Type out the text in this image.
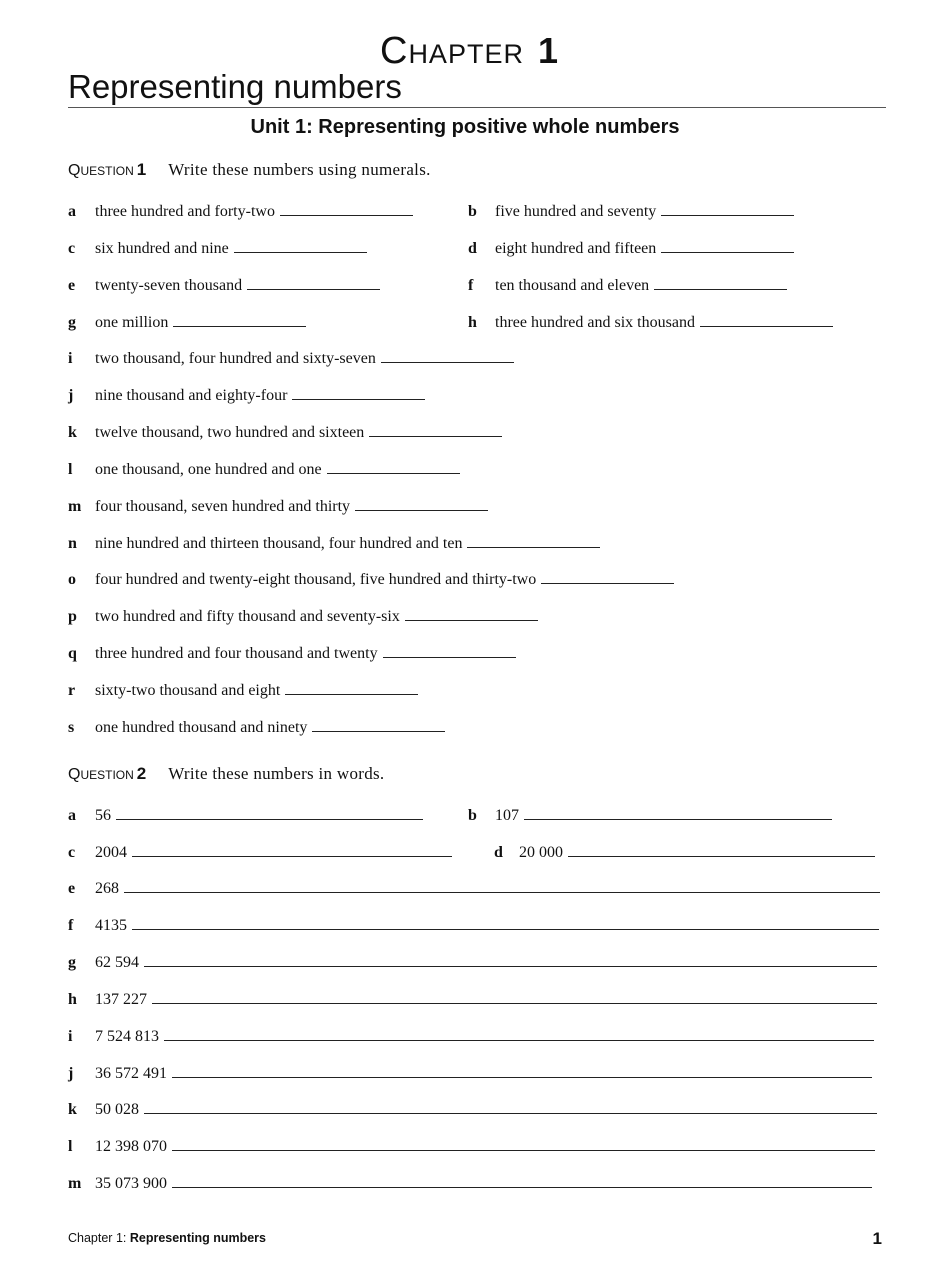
CHAPTER 1
Representing numbers
Unit 1: Representing positive whole numbers
QUESTION 1 Write these numbers using numerals.
a	three hundred and forty-two	b	five hundred and seventy
c	six hundred and nine	d	eight hundred and fifteen
e	twenty-seven thousand	f	ten thousand and eleven
g	one million	h	three hundred and six thousand
i	two thousand, four hundred and sixty-seven
j	nine thousand and eighty-four
k	twelve thousand, two hundred and sixteen
l	one thousand, one hundred and one
m four thousand, seven hundred and thirty
n	nine hundred and thirteen thousand, four hundred and ten
o	four hundred and twenty-eight thousand, five hundred and thirty-two
p	two hundred and fifty thousand and seventy-six
q	three hundred and four thousand and twenty
r	sixty-two thousand and eight
s	one hundred thousand and ninety
QUESTION 2 Write these numbers in words.
a	56	b	107
c	2004	d	20 000
e	268
f	4135
g	62 594
h	137 227
i	7 524 813
j	36 572 491
k	50 028
l	12 398 070
m 35 073 900
Chapter 1: Representing numbers	1
